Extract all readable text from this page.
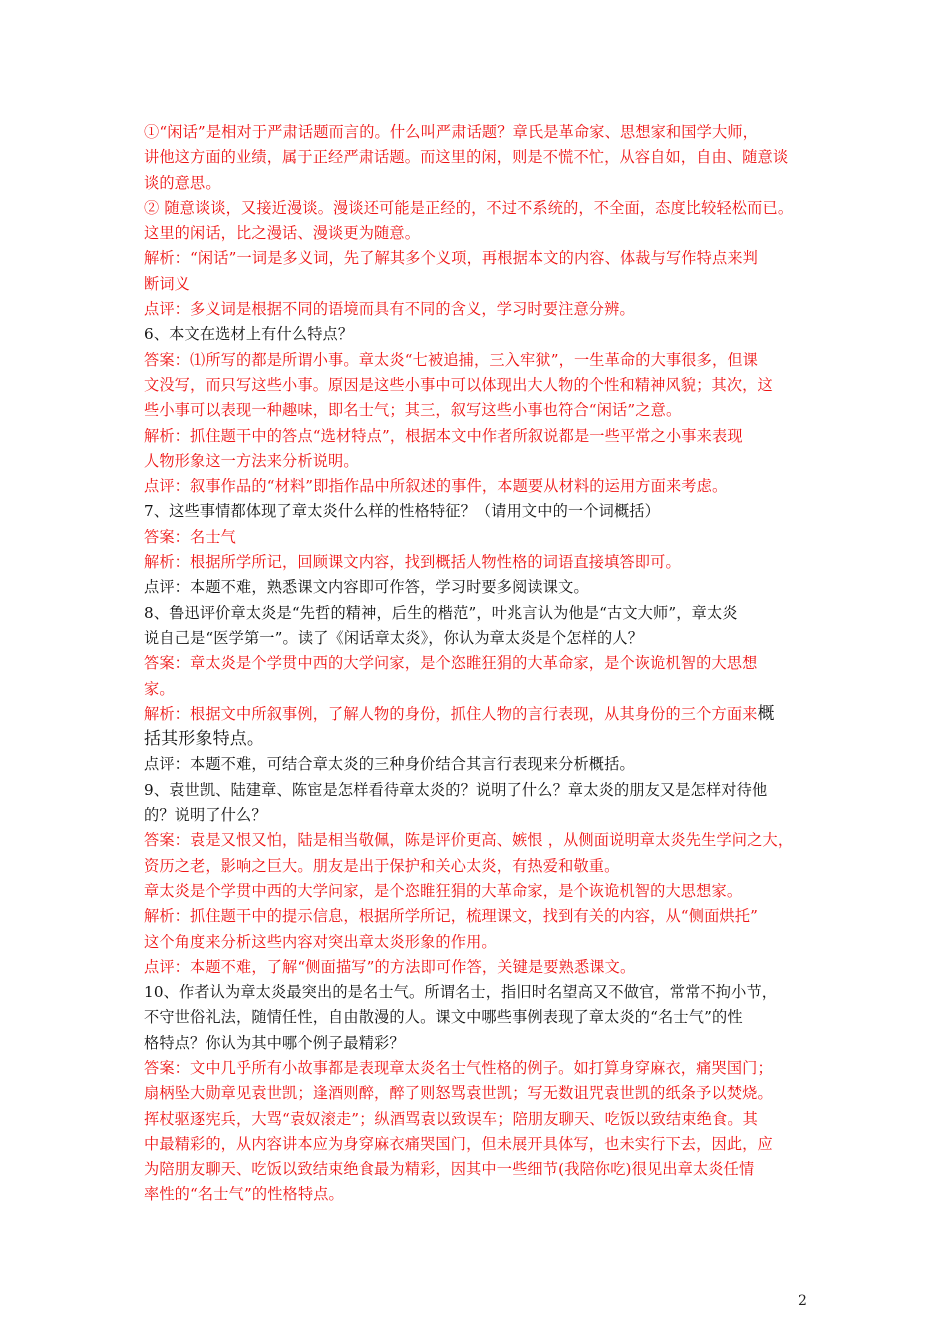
①“闲话”是相对于严肃话题而言的。什么叫严肃话题？章氏是革命家、思想家和国学大师，

讲他这方面的业绩，属于正经严肃话题。而这里的闲，则是不慌不忙，从容自如，自由、随意谈

谈的意思。

② 随意谈谈，又接近漫谈。漫谈还可能是正经的，不过不系统的，不全面，态度比较轻松而已。

这里的闲话，比之漫话、漫谈更为随意。

解析：“闲话”一词是多义词，先了解其多个义项，再根据本文的内容、体裁与写作特点来判

断词义

点评：多义词是根据不同的语境而具有不同的含义，学习时要注意分辨。

6、本文在选材上有什么特点？

答案：⑴所写的都是所谓小事。章太炎“七被追捕，三入牢狱”，一生革命的大事很多，但课

文没写，而只写这些小事。原因是这些小事中可以体现出大人物的个性和精神风貌；其次，这

些小事可以表现一种趣味，即名士气；其三，叙写这些小事也符合“闲话”之意。

解析：抓住题干中的答点“选材特点”，根据本文中作者所叙说都是一些平常之小事来表现

人物形象这一方法来分析说明。

点评：叙事作品的“材料”即指作品中所叙述的事件，本题要从材料的运用方面来考虑。

7、这些事情都体现了章太炎什么样的性格特征？（请用文中的一个词概括）

答案：名士气

解析：根据所学所记，回顾课文内容，找到概括人物性格的词语直接填答即可。

点评：本题不难，熟悉课文内容即可作答，学习时要多阅读课文。

8、鲁迅评价章太炎是“先哲的精神，后生的楷范”，叶兆言认为他是“古文大师”，章太炎

说自己是“医学第一”。读了《闲话章太炎》，你认为章太炎是个怎样的人？

答案：章太炎是个学贯中西的大学问家，是个恣睢狂狷的大革命家，是个诙诡机智的大思想

家。

解析：根据文中所叙事例，了解人物的身份，抓住人物的言行表现，从其身份的三个方面来概

括其形象特点。

点评：本题不难，可结合章太炎的三种身价结合其言行表现来分析概括。

9、袁世凯、陆建章、陈宦是怎样看待章太炎的？说明了什么？章太炎的朋友又是怎样对待他

的？说明了什么？

答案：袁是又恨又怕，陆是相当敬佩，陈是评价更高、嫉恨 ，从侧面说明章太炎先生学问之大，

资历之老，影响之巨大。朋友是出于保护和关心太炎，有热爱和敬重。

章太炎是个学贯中西的大学问家，是个恣睢狂狷的大革命家，是个诙诡机智的大思想家。

解析：抓住题干中的提示信息，根据所学所记，梳理课文，找到有关的内容，从“侧面烘托”

这个角度来分析这些内容对突出章太炎形象的作用。

点评：本题不难，了解“侧面描写”的方法即可作答，关键是要熟悉课文。

10、作者认为章太炎最突出的是名士气。所谓名士，指旧时名望高又不做官，常常不拘小节，

不守世俗礼法，随情任性，自由散漫的人。课文中哪些事例表现了章太炎的“名士气”的性

格特点？你认为其中哪个例子最精彩？

答案：文中几乎所有小故事都是表现章太炎名士气性格的例子。如打算身穿麻衣，痛哭国门；

扇柄坠大勋章见袁世凯；逢酒则醉，醉了则怒骂袁世凯；写无数诅咒袁世凯的纸条予以焚烧。

挥杖驱逐宪兵，大骂“袁奴滚走”；纵酒骂袁以致误车；陪朋友聊天、吃饭以致结束绝食。其

中最精彩的，从内容讲本应为身穿麻衣痛哭国门，但未展开具体写，也未实行下去，因此，应

为陪朋友聊天、吃饭以致结束绝食最为精彩，因其中一些细节(我陪你吃)很见出章太炎任情

率性的“名士气”的性格特点。

2
